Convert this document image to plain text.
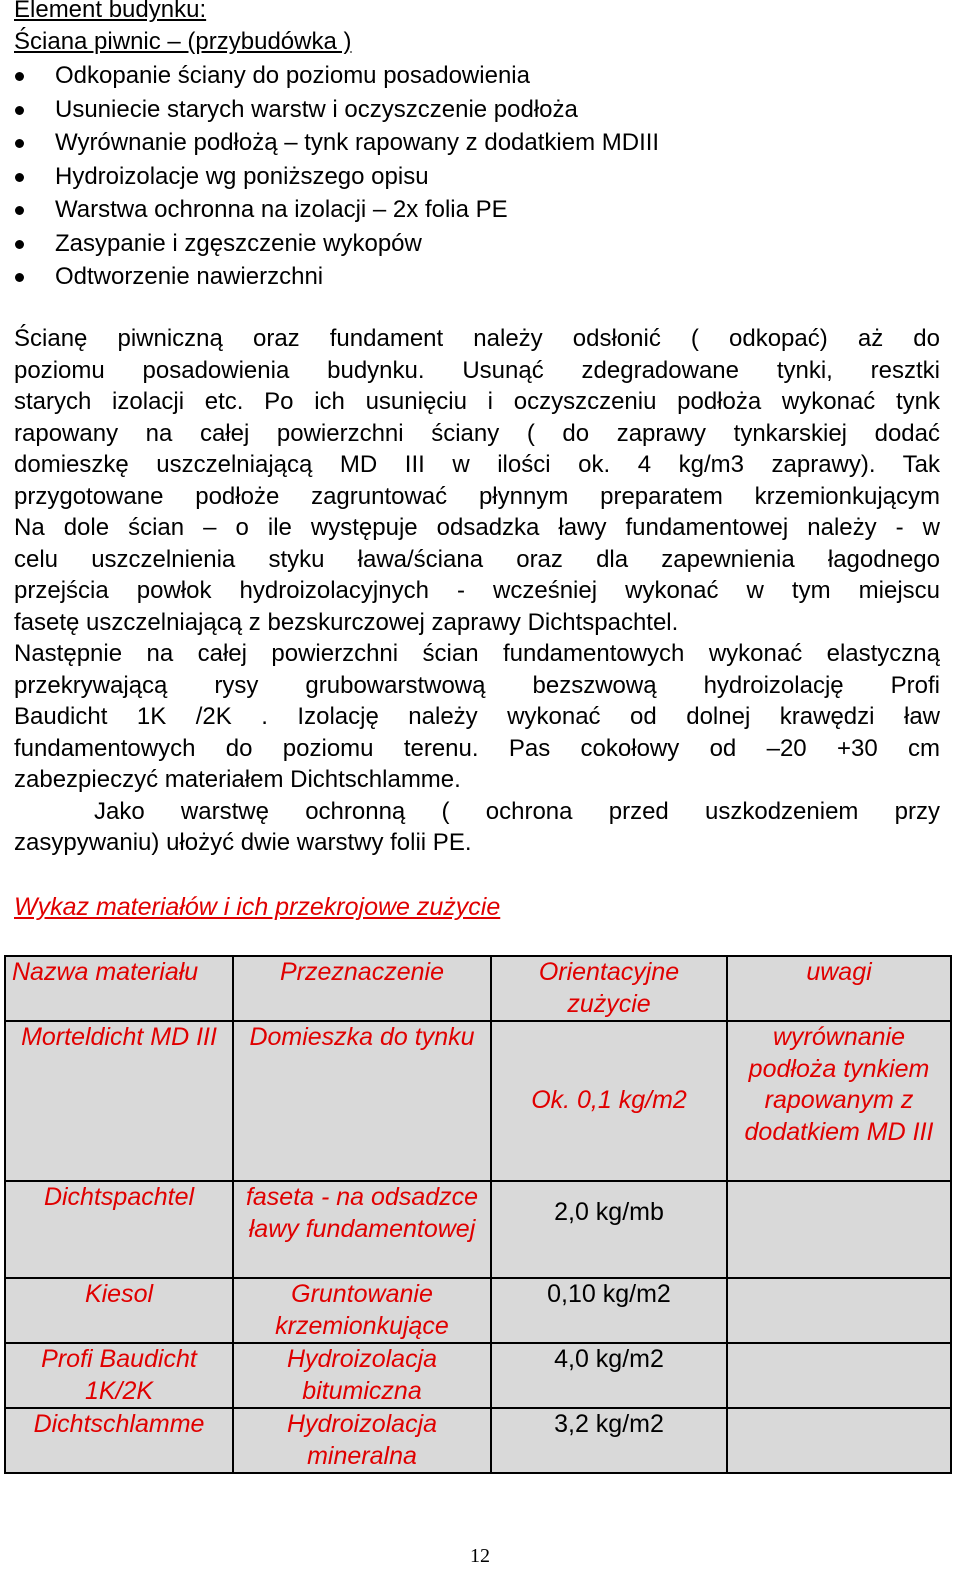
Element budynku:
Ściana piwnic – (przybudówka )
Odkopanie ściany do poziomu posadowienia
Usuniecie starych warstw i oczyszczenie podłoża
Wyrównanie podłożą – tynk rapowany z dodatkiem MDIII
Hydroizolacje wg poniższego opisu
Warstwa ochronna na izolacji – 2x folia PE
Zasypanie i zgęszczenie wykopów
Odtworzenie nawierzchni
Ścianę piwniczną oraz fundament należy odsłonić ( odkopać) aż do
poziomu posadowienia budynku. Usunąć zdegradowane tynki, resztki
starych izolacji etc. Po ich usunięciu i oczyszczeniu podłoża wykonać tynk
rapowany na całej powierzchni ściany ( do zaprawy tynkarskiej dodać
domieszkę uszczelniającą MD III w ilości ok. 4 kg/m3 zaprawy). Tak
przygotowane podłoże zagruntować płynnym preparatem krzemionkującym
Na dole ścian – o ile występuje odsadzka ławy fundamentowej należy - w
celu uszczelnienia styku ława/ściana oraz dla zapewnienia łagodnego
przejścia powłok hydroizolacyjnych - wcześniej wykonać w tym miejscu
fasetę uszczelniającą z bezskurczowej zaprawy Dichtspachtel.
Następnie na całej powierzchni ścian fundamentowych wykonać elastyczną
przekrywającą rysy grubowarstwową bezszwową hydroizolację Profi
Baudicht 1K /2K . Izolację należy wykonać od dolnej krawędzi ław
fundamentowych do poziomu terenu. Pas cokołowy od –20 +30 cm
zabezpieczyć materiałem Dichtschlamme.
Jako warstwę ochronną ( ochrona przed uszkodzeniem przy
zasypywaniu) ułożyć dwie warstwy folii PE.
Wykaz materiałów i ich przekrojowe zużycie
Nazwa materiału	Przeznaczenie	Orientacyjne zużycie	uwagi
Morteldicht MD III	Domieszka do tynku	Ok. 0,1 kg/m2	wyrównanie podłoża tynkiem rapowanym z dodatkiem MD III
Dichtspachtel	faseta - na odsadzce ławy fundamentowej	2,0 kg/mb	
Kiesol	Gruntowanie krzemionkujące	0,10 kg/m2	
Profi Baudicht 1K/2K	Hydroizolacja bitumiczna	4,0 kg/m2	
Dichtschlamme	Hydroizolacja mineralna	3,2 kg/m2	
12
